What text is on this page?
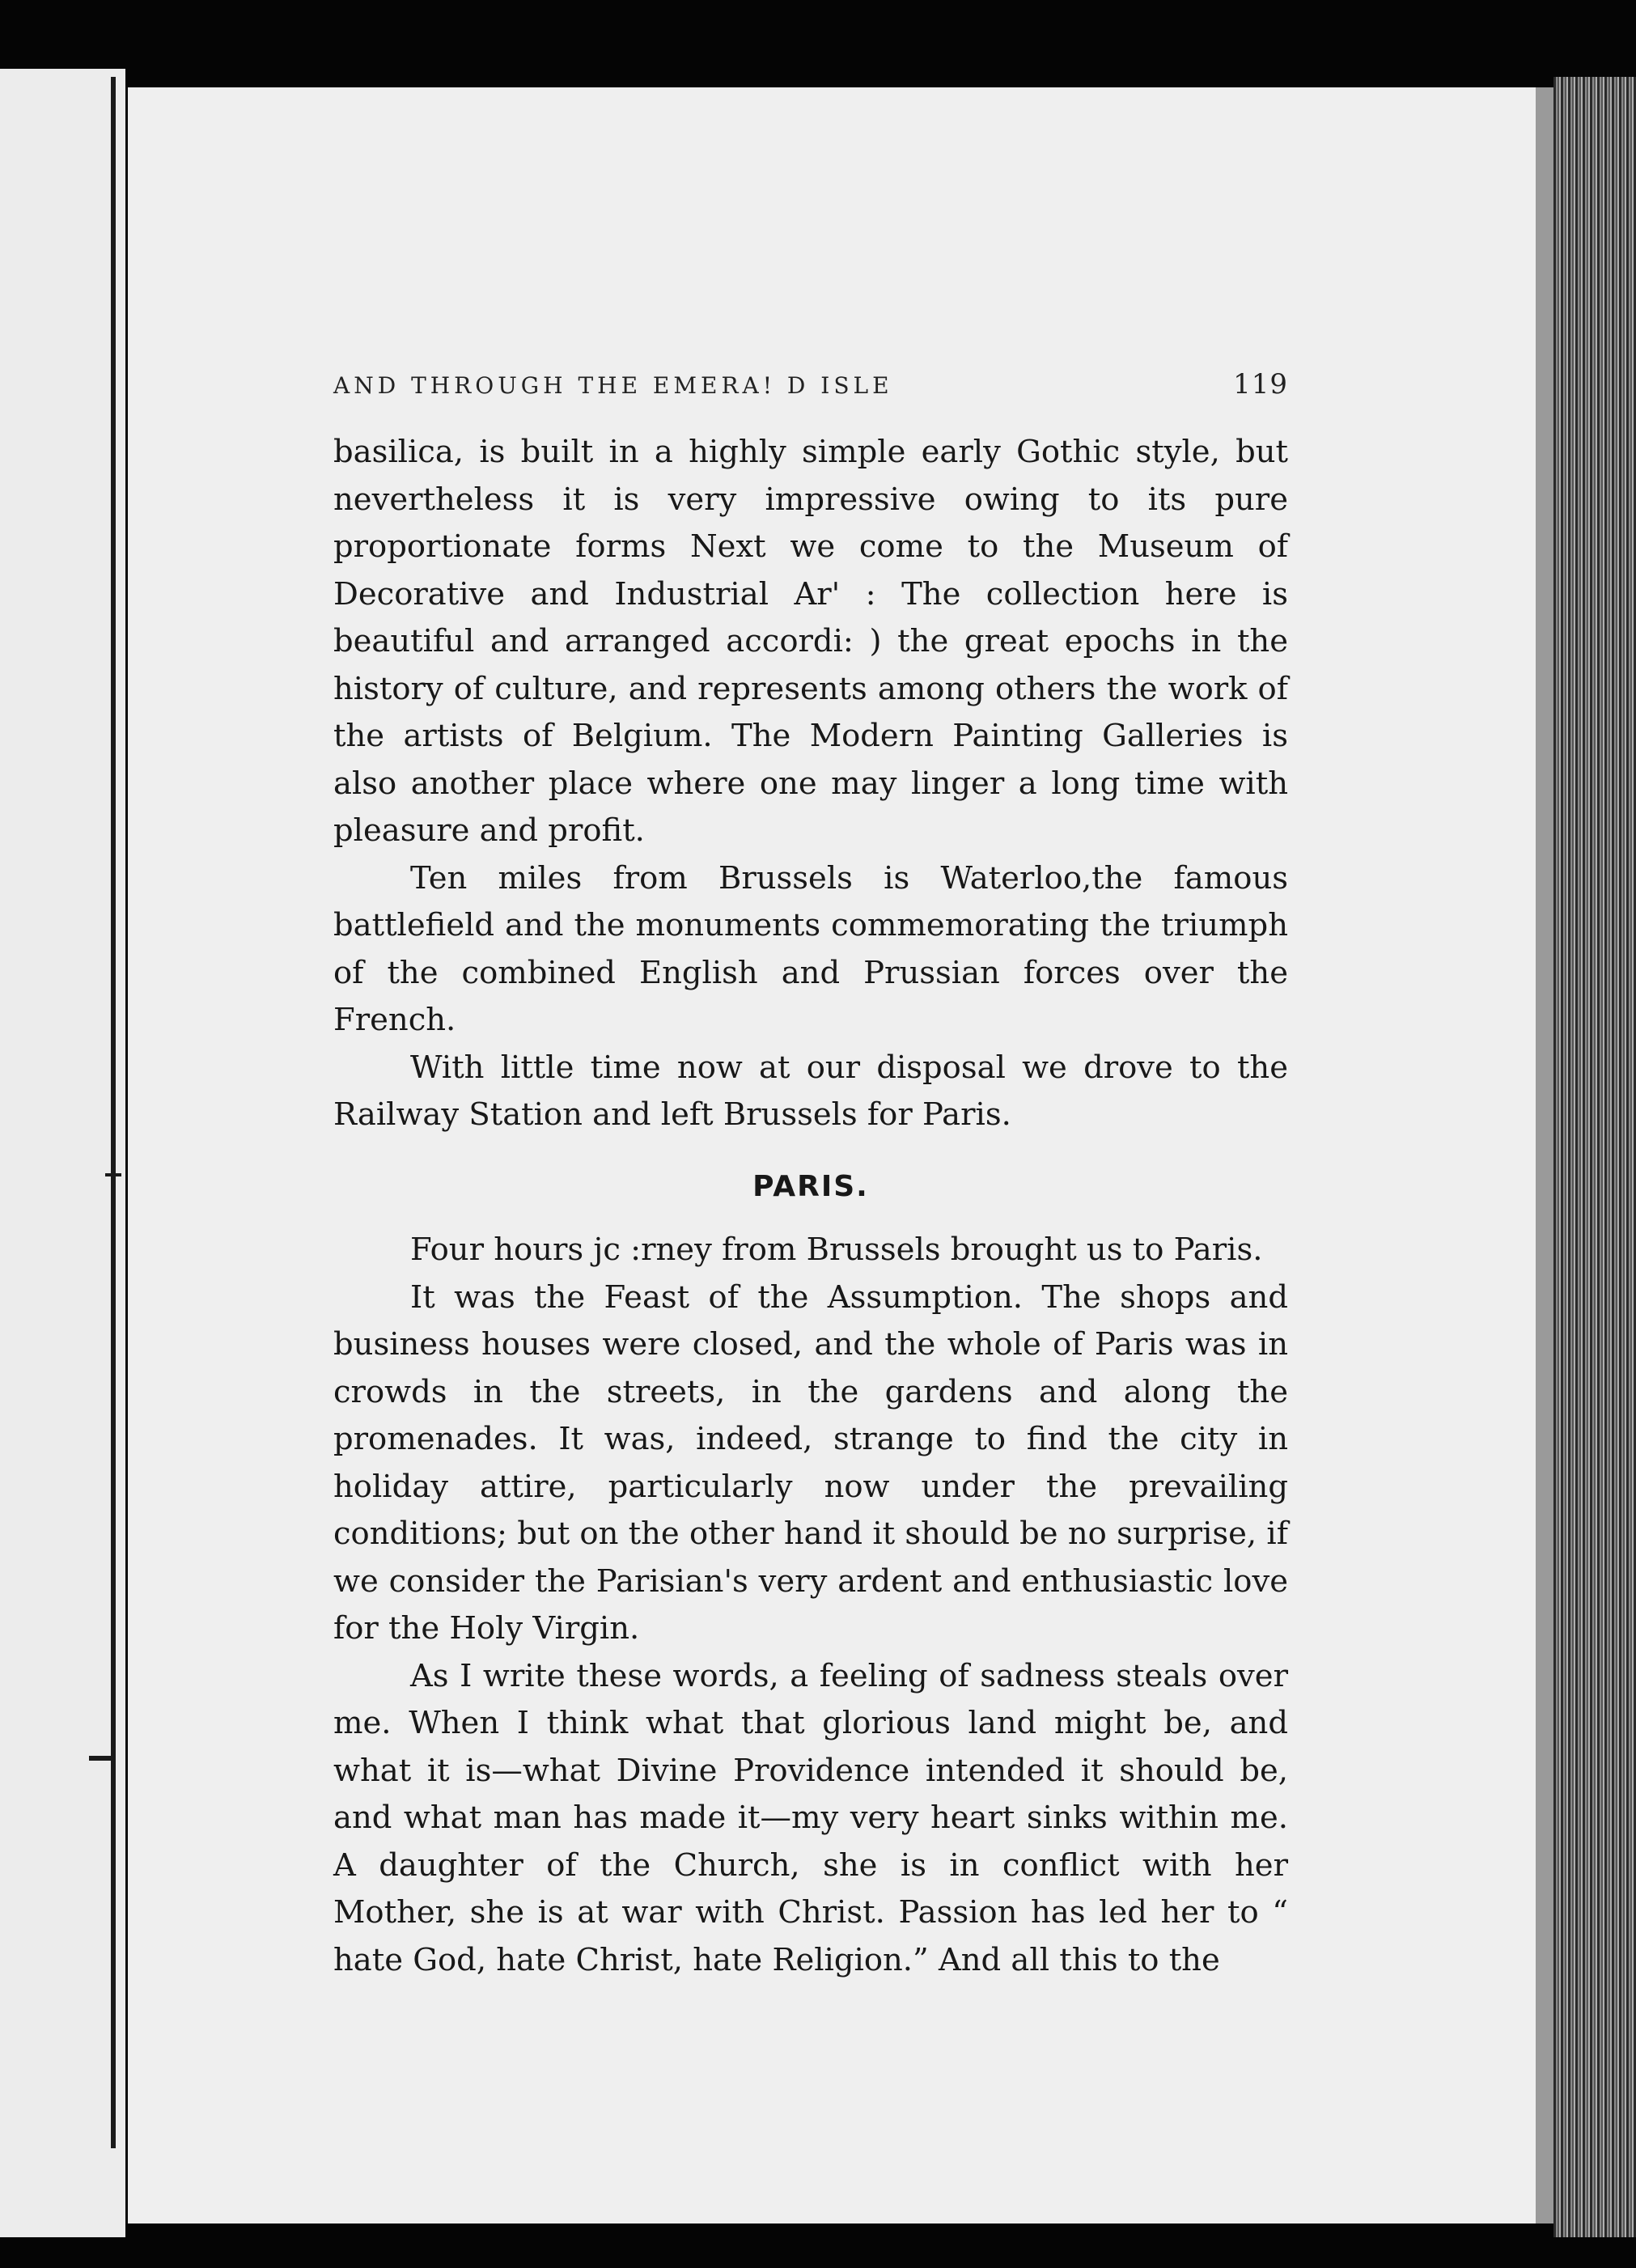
AND THROUGH THE EMERA! D ISLE	119

basilica, is built in a highly simple early Gothic style, but nevertheless it is very impressive owing to its pure proportionate forms Next we come to the Museum of Decorative and Industrial Ar' : The collection here is beautiful and arranged accordi: ) the great epochs in the history of culture, and represents among others the work of the artists of Belgium. The Modern Painting Galleries is also another place where one may linger a long time with pleasure and profit.

Ten miles from Brussels is Waterloo,the famous battlefield and the monuments commemorating the triumph of the combined English and Prussian forces over the French.

With little time now at our disposal we drove to the Railway Station and left Brussels for Paris.

PARIS.

Four hours jc :rney from Brussels brought us to Paris.

It was the Feast of the Assumption. The shops and business houses were closed, and the whole of Paris was in crowds in the streets, in the gardens and along the promenades. It was, indeed, strange to find the city in holiday attire, particularly now under the prevailing conditions; but on the other hand it should be no surprise, if we consider the Parisian's very ardent and enthusiastic love for the Holy Virgin.

As I write these words, a feeling of sadness steals over me. When I think what that glorious land might be, and what it is—what Divine Providence intended it should be, and what man has made it—my very heart sinks within me. A daughter of the Church, she is in conflict with her Mother, she is at war with Christ. Passion has led her to “ hate God, hate Christ, hate Religion.” And all this to the
